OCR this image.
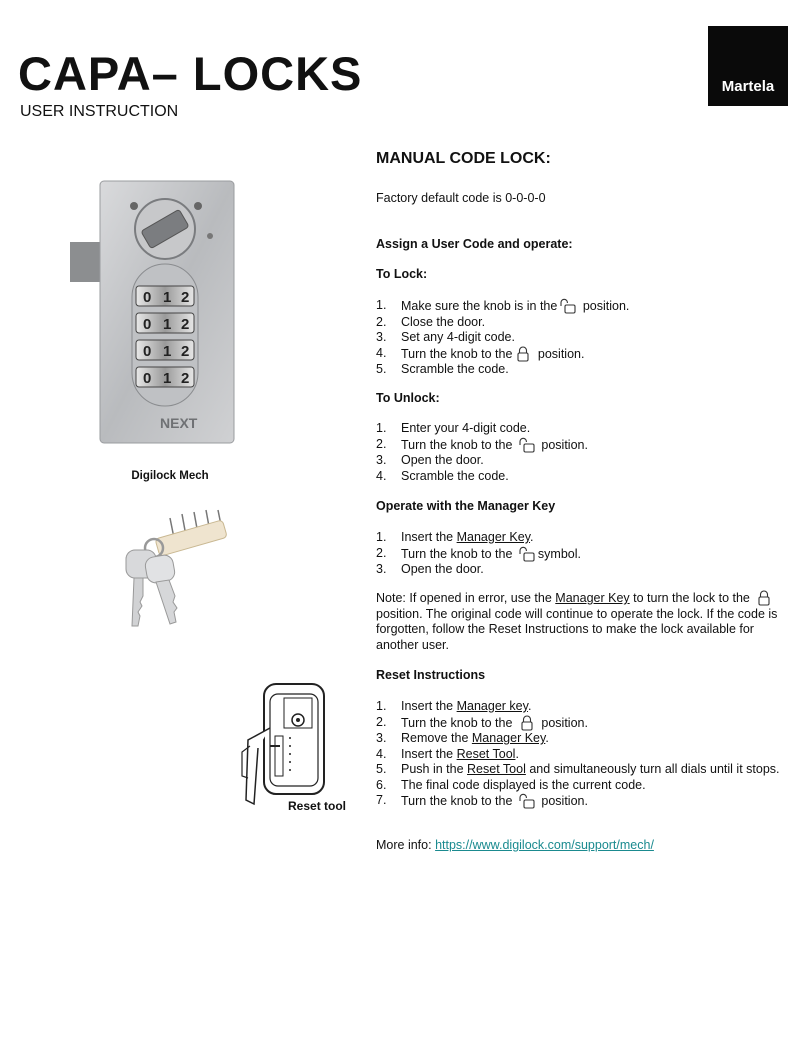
CAPA– LOCKS

USER INSTRUCTION

Martela
0 1 2
0 1 2
0 1 2
0 1 2
NEXT
Digilock Mech
Reset tool
MANUAL CODE LOCK:
Factory default code is 0-0-0-0
Assign a User Code and operate:
To Lock:
1. Make sure the knob is in the position.
2. Close the door.
3. Set any 4-digit code.
4. Turn the knob to the position.
5. Scramble the code.
To Unlock:
1. Enter your 4-digit code.
2. Turn the knob to the position.
3. Open the door.
4. Scramble the code.
Operate with the Manager Key
1. Insert the Manager Key.
2. Turn the knob to the symbol.
3. Open the door.

Note: If opened in error, use the Manager Key to turn the lock to the
position. The original code will continue to operate the lock. If the code is forgotten, follow the Reset Instructions to make the lock available for another user.

Reset Instructions
1. Insert the Manager key.
2. Turn the knob to the position.
3. Remove the Manager Key.
4. Insert the Reset Tool.
5. Push in the Reset Tool and simultaneously turn all dials until it stops.
6. The final code displayed is the current code.
7. Turn the knob to the position.
More info: https://www.digilock.com/support/mech/
